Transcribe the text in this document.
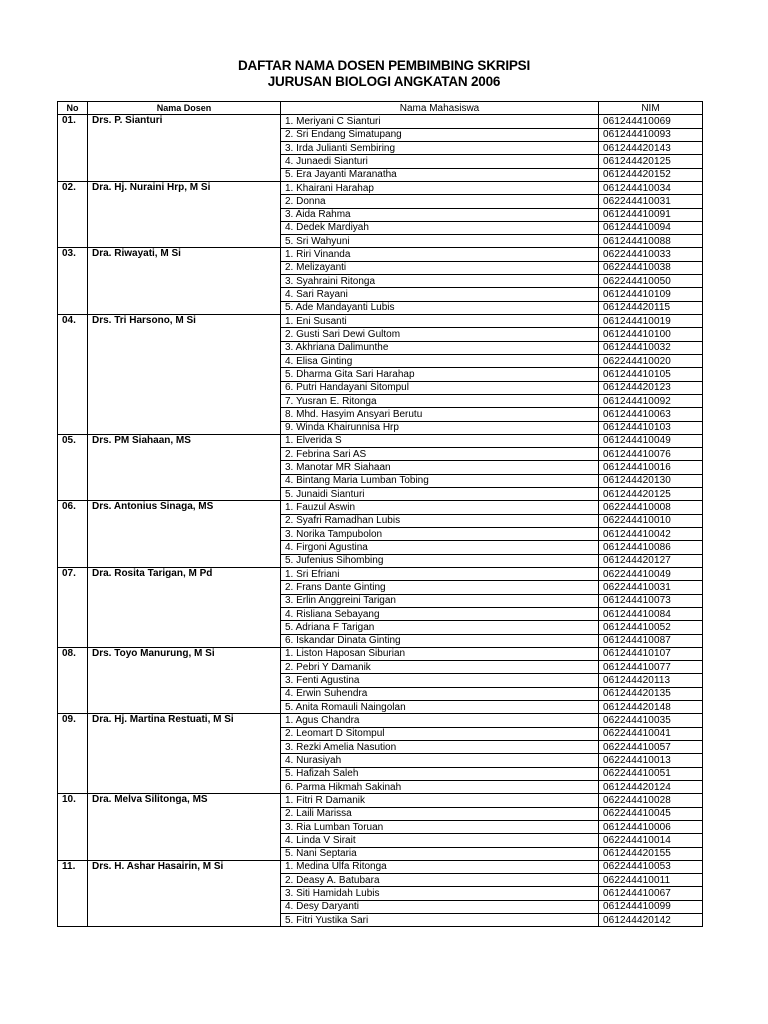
DAFTAR NAMA DOSEN PEMBIMBING SKRIPSI
JURUSAN BIOLOGI ANGKATAN 2006
No	Nama Dosen	Nama Mahasiswa	NIM
01.	Drs. P. Sianturi	1. Meriyani C Sianturi	061244410069
		2. Sri Endang Simatupang	061244410093
		3. Irda Julianti Sembiring	061244420143
		4. Junaedi Sianturi	061244420125
		5. Era Jayanti Maranatha	061244420152
02.	Dra. Hj. Nuraini Hrp, M Si	1. Khairani Harahap	061244410034
		2. Donna	062244410031
		3. Aida Rahma	061244410091
		4. Dedek Mardiyah	061244410094
		5. Sri Wahyuni	061244410088
03.	Dra. Riwayati, M Si	1. Riri Vinanda	062244410033
		2. Melizayanti	062244410038
		3. Syahraini Ritonga	062244410050
		4. Sari Rayani	061244410109
		5. Ade Mandayanti Lubis	061244420115
04.	Drs. Tri Harsono, M Si	1. Eni Susanti	061244410019
		2. Gusti Sari Dewi Gultom	061244410100
		3. Akhriana Dalimunthe	061244410032
		4. Elisa Ginting	062244410020
		5. Dharma Gita Sari Harahap	061244410105
		6. Putri Handayani Sitompul	061244420123
		7. Yusran E. Ritonga	061244410092
		8. Mhd. Hasyim Ansyari Berutu	061244410063
		9. Winda Khairunnisa Hrp	061244410103
05.	Drs. PM Siahaan, MS	1. Elverida S	061244410049
		2. Febrina Sari AS	061244410076
		3. Manotar MR Siahaan	061244410016
		4. Bintang Maria Lumban Tobing	061244420130
		5. Junaidi Sianturi	061244420125
06.	Drs. Antonius Sinaga, MS	1. Fauzul Aswin	062244410008
		2. Syafri Ramadhan Lubis	062244410010
		3. Norika Tampubolon	061244410042
		4. Firgoni Agustina	061244410086
		5. Jufenius Sihombing	061244420127
07.	Dra. Rosita Tarigan, M Pd	1. Sri Efriani	062244410049
		2. Frans Dante Ginting	062244410031
		3. Erlin Anggreini Tarigan	061244410073
		4. Risliana Sebayang	061244410084
		5. Adriana F Tarigan	061244410052
		6. Iskandar Dinata Ginting	061244410087
08.	Drs. Toyo Manurung, M Si	1. Liston Haposan Siburian	061244410107
		2. Pebri Y Damanik	061244410077
		3. Fenti Agustina	061244420113
		4. Erwin Suhendra	061244420135
		5. Anita Romauli Naingolan	061244420148
09.	Dra. Hj. Martina Restuati, M Si	1. Agus Chandra	062244410035
		2. Leomart D Sitompul	062244410041
		3. Rezki Amelia Nasution	062244410057
		4. Nurasiyah	062244410013
		5. Hafizah Saleh	062244410051
		6. Parma Hikmah Sakinah	061244420124
10.	Dra. Melva Silitonga, MS	1. Fitri R Damanik	062244410028
		2. Laili Marissa	062244410045
		3. Ria Lumban Toruan	061244410006
		4. Linda V Sirait	062244410014
		5. Nani Septaria	061244420155
11.	Drs. H. Ashar Hasairin, M Si	1. Medina Ulfa Ritonga	062244410053
		2. Deasy A. Batubara	062244410011
		3. Siti Hamidah Lubis	061244410067
		4. Desy Daryanti	061244410099
		5. Fitri Yustika Sari	061244420142
